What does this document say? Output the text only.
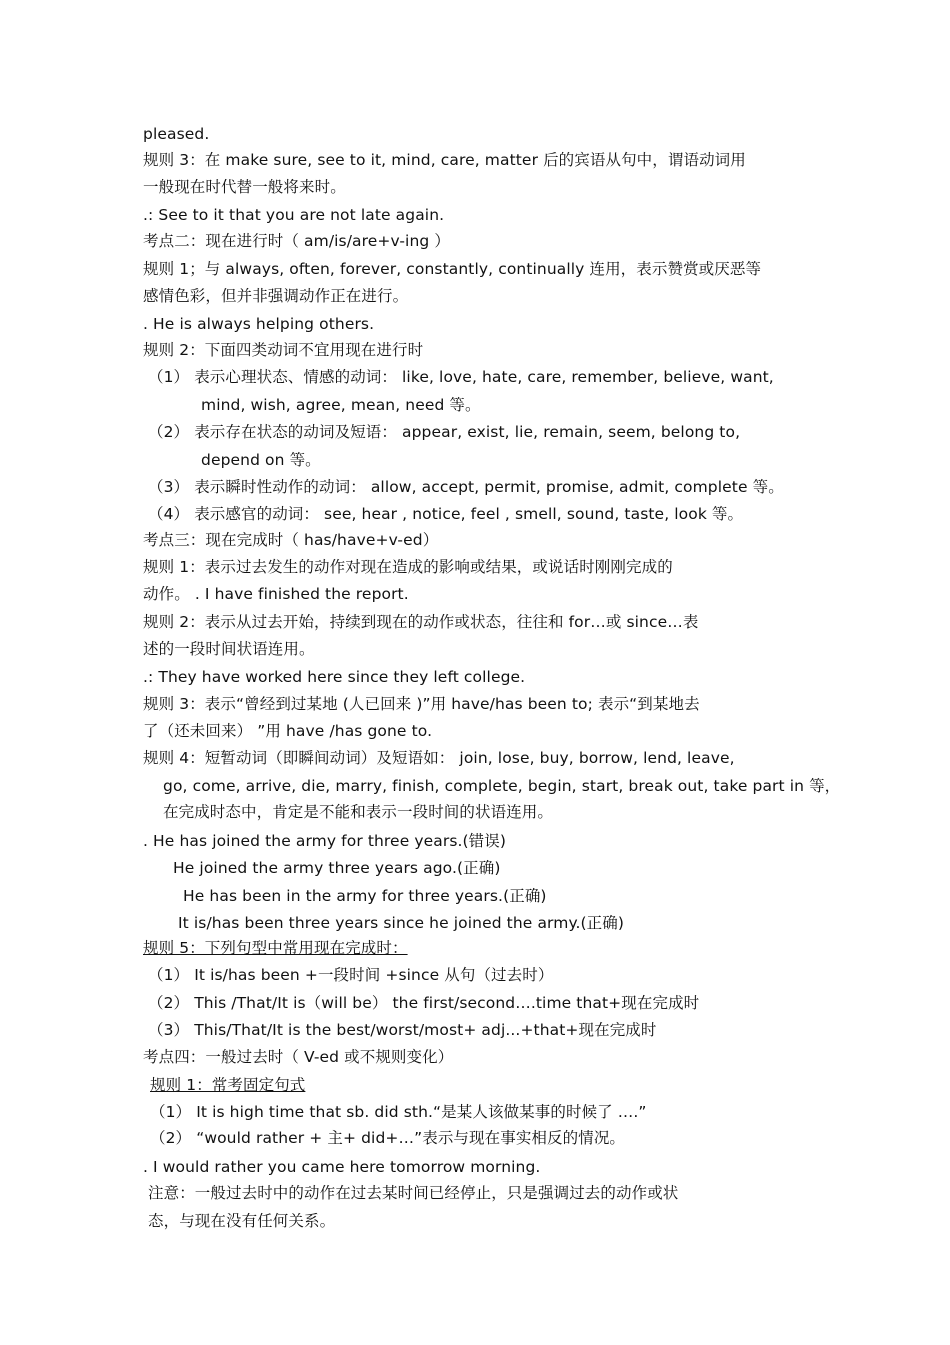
pleased.
规则 3：在 make sure, see to it, mind, care, matter 后的宾语从句中，谓语动词用
一般现在时代替一般将来时。
.: See to it that you are not late again.
考点二：现在进行时（ am/is/are+v-ing ）
规则 1；与 always, often, forever, constantly, continually 连用，表示赞赏或厌恶等
感情色彩，但并非强调动作正在进行。
. He is always helping others.
规则 2：下面四类动词不宜用现在进行时
（1） 表示心理状态、情感的动词： like, love, hate, care, remember, believe, want,
mind, wish, agree, mean, need 等。
（2） 表示存在状态的动词及短语： appear, exist, lie, remain, seem, belong to,
depend on 等。
（3） 表示瞬时性动作的动词： allow, accept, permit, promise, admit, complete 等。
（4） 表示感官的动词： see, hear , notice, feel , smell, sound, taste, look 等。
考点三：现在完成时（ has/have+v-ed）
规则 1：表示过去发生的动作对现在造成的影响或结果，或说话时刚刚完成的
动作。 . I have finished the report.
规则 2：表示从过去开始，持续到现在的动作或状态，往往和 for…或 since…表
述的一段时间状语连用。
.: They have worked here since they left college.
规则 3：表示“曾经到过某地 (人已回来 )”用 have/has been to; 表示“到某地去
了（还未回来） ”用 have /has gone to.
规则 4：短暂动词（即瞬间动词）及短语如： join, lose, buy, borrow, lend, leave,
go, come, arrive, die, marry, finish, complete, begin, start, break out, take part in 等，
在完成时态中，肯定是不能和表示一段时间的状语连用。
. He has joined the army for three years.(错误)
He joined the army three years ago.(正确)
He has been in the army for three years.(正确)
It is/has been three years since he joined the army.(正确)
规则 5：下列句型中常用现在完成时：
（1） It is/has been +一段时间 +since 从句（过去时）
（2） This /That/It is（will be） the first/second….time that+现在完成时
（3） This/That/It is the best/worst/most+ adj...+that+现在完成时
考点四：一般过去时（ V-ed 或不规则变化）
规则 1：常考固定句式
（1） It is high time that sb. did sth.“是某人该做某事的时候了 ….”
（2） “would rather + 主+ did+…”表示与现在事实相反的情况。
. I would rather you came here tomorrow morning.
注意：一般过去时中的动作在过去某时间已经停止，只是强调过去的动作或状
态，与现在没有任何关系。
